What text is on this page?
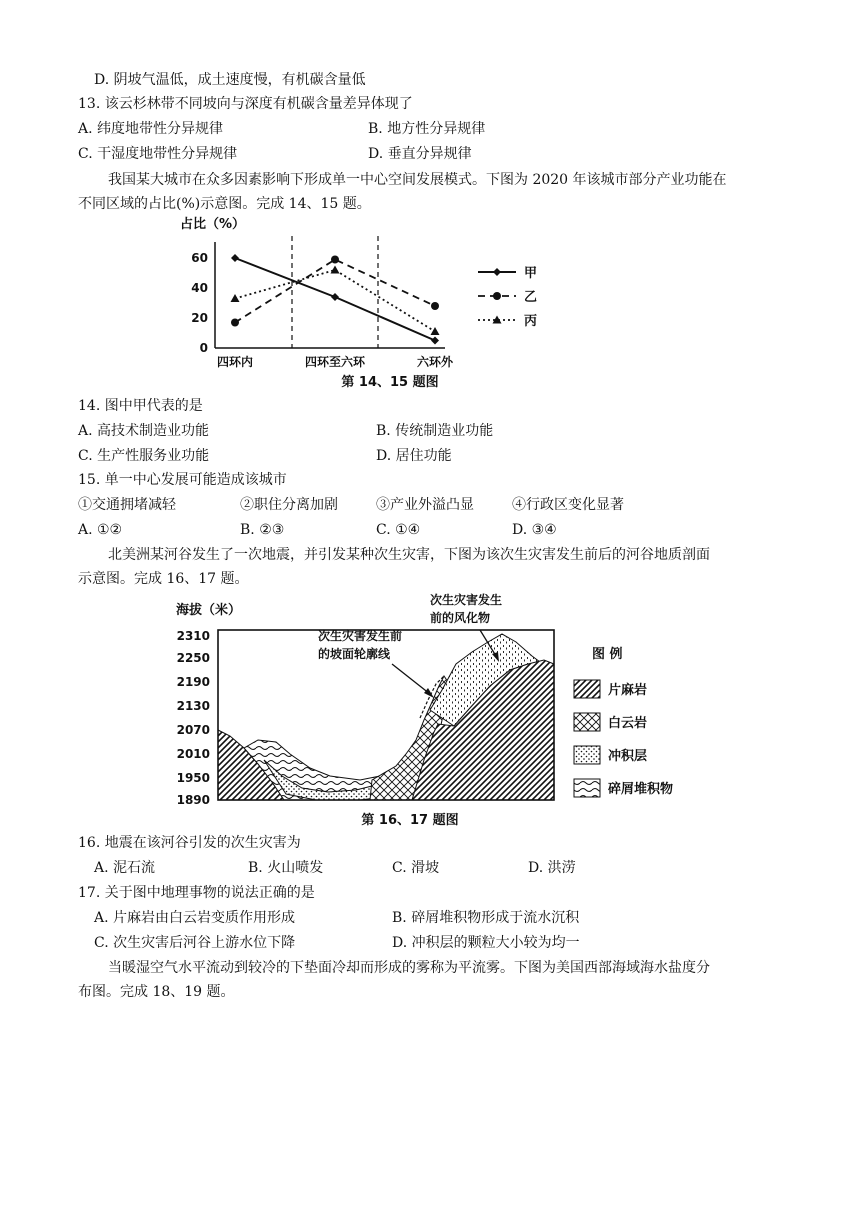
D. 阴坡气温低，成土速度慢，有机碳含量低
13. 该云杉林带不同坡向与深度有机碳含量差异体现了
A. 纬度地带性分异规律	B. 地方性分异规律
C. 干湿度地带性分异规律	D. 垂直分异规律
我国某大城市在众多因素影响下形成单一中心空间发展模式。下图为 2020 年该城市部分产业功能在
不同区域的占比(%)示意图。完成 14、15 题。
占比（%）
60
40
20
0
四环内	四环至六环	六环外
第 14、15 题图
甲
乙
丙
14. 图中甲代表的是
A. 高技术制造业功能	B. 传统制造业功能
C. 生产性服务业功能	D. 居住功能
15. 单一中心发展可能造成该城市
①交通拥堵减轻	②职住分离加剧	③产业外溢凸显	④行政区变化显著
A. ①②	B. ②③	C. ①④	D. ③④
北美洲某河谷发生了一次地震，并引发某种次生灾害，下图为该次生灾害发生前后的河谷地质剖面
示意图。完成 16、17 题。
海拔（米）
2310
2250
2190
2130
2070
2010
1950
1890
次生灾害发生前
的坡面轮廓线
次生灾害发生
前的风化物
图 例
片麻岩
白云岩
冲积层
碎屑堆积物
第 16、17 题图
16. 地震在该河谷引发的次生灾害为
A. 泥石流	B. 火山喷发	C. 滑坡	D. 洪涝
17. 关于图中地理事物的说法正确的是
A. 片麻岩由白云岩变质作用形成	B. 碎屑堆积物形成于流水沉积
C. 次生灾害后河谷上游水位下降	D. 冲积层的颗粒大小较为均一
当暖湿空气水平流动到较冷的下垫面冷却而形成的雾称为平流雾。下图为美国西部海域海水盐度分
布图。完成 18、19 题。
